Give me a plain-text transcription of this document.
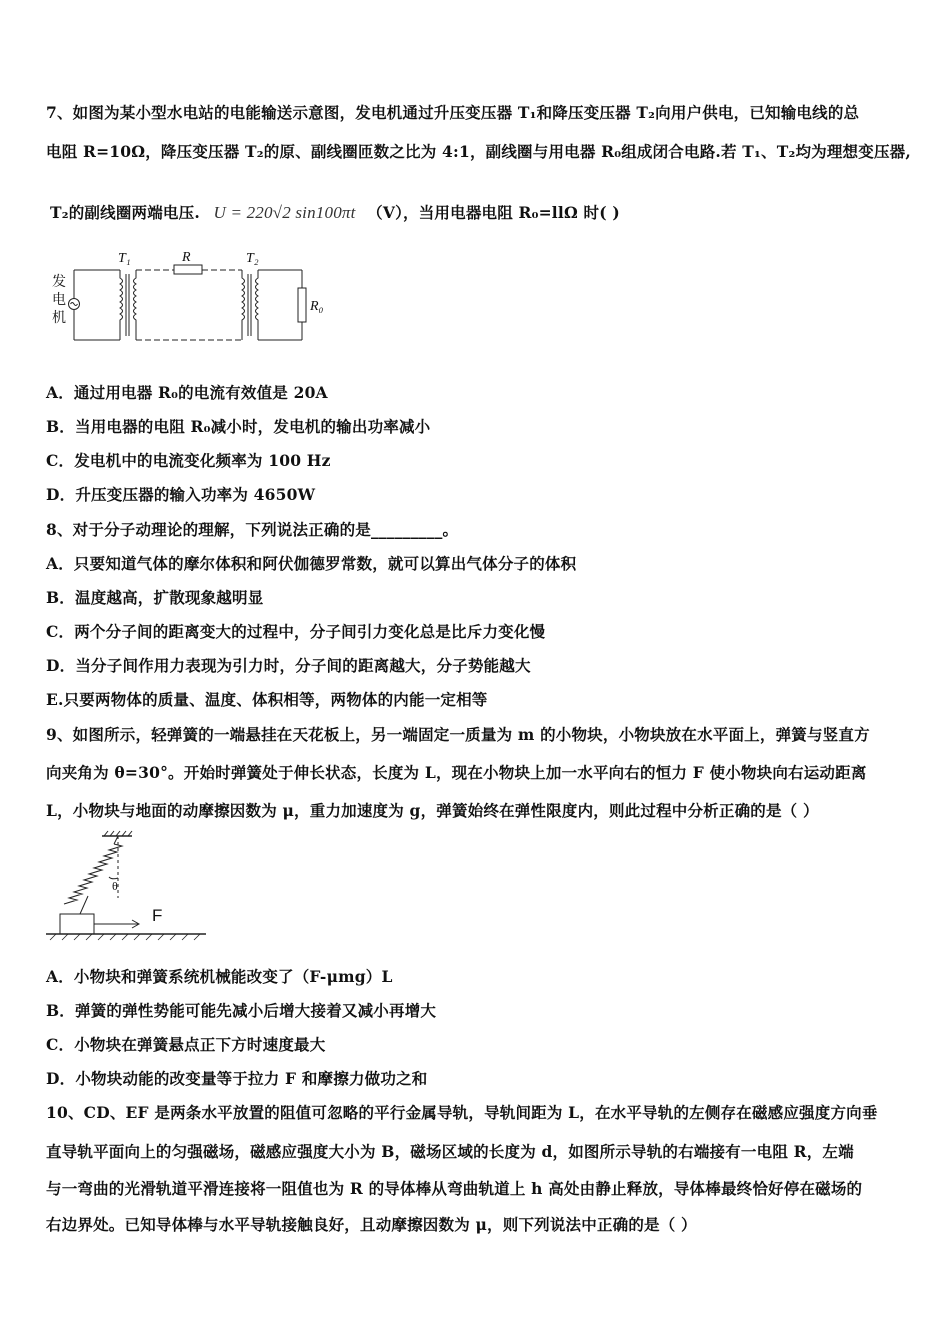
7、如图为某小型水电站的电能输送示意图，发电机通过升压变压器 T₁和降压变压器 T₂向用户供电，已知输电线的总
电阻 R=10Ω，降压变压器 T₂的原、副线圈匝数之比为 4:1，副线圈与用电器 R₀组成闭合电路.若 T₁、T₂均为理想变压器,
T₂的副线圈两端电压. U = 220√2 sin100πt （V），当用电器电阻 R₀=llΩ 时( )
发
电
机
T₁	R	T₂
R₀
A．通过用电器 R₀的电流有效值是 20A
B．当用电器的电阻 R₀减小时，发电机的输出功率减小
C．发电机中的电流变化频率为 100 Hz
D．升压变压器的输入功率为 4650W
8、对于分子动理论的理解，下列说法正确的是_________。
A．只要知道气体的摩尔体积和阿伏伽德罗常数，就可以算出气体分子的体积
B．温度越高，扩散现象越明显
C．两个分子间的距离变大的过程中，分子间引力变化总是比斥力变化慢
D．当分子间作用力表现为引力时，分子间的距离越大，分子势能越大
E.只要两物体的质量、温度、体积相等，两物体的内能一定相等
9、如图所示，轻弹簧的一端悬挂在天花板上，另一端固定一质量为 m 的小物块，小物块放在水平面上，弹簧与竖直方
向夹角为 θ=30°。开始时弹簧处于伸长状态，长度为 L，现在小物块上加一水平向右的恒力 F 使小物块向右运动距离
L，小物块与地面的动摩擦因数为 μ，重力加速度为 g，弹簧始终在弹性限度内，则此过程中分析正确的是（ ）
θ
F
A．小物块和弹簧系统机械能改变了（F-μmg）L
B．弹簧的弹性势能可能先减小后增大接着又减小再增大
C．小物块在弹簧悬点正下方时速度最大
D．小物块动能的改变量等于拉力 F 和摩擦力做功之和
10、CD、EF 是两条水平放置的阻值可忽略的平行金属导轨，导轨间距为 L，在水平导轨的左侧存在磁感应强度方向垂
直导轨平面向上的匀强磁场，磁感应强度大小为 B，磁场区域的长度为 d，如图所示导轨的右端接有一电阻 R，左端
与一弯曲的光滑轨道平滑连接将一阻值也为 R 的导体棒从弯曲轨道上 h 高处由静止释放，导体棒最终恰好停在磁场的
右边界处。已知导体棒与水平导轨接触良好，且动摩擦因数为 μ，则下列说法中正确的是（ ）
